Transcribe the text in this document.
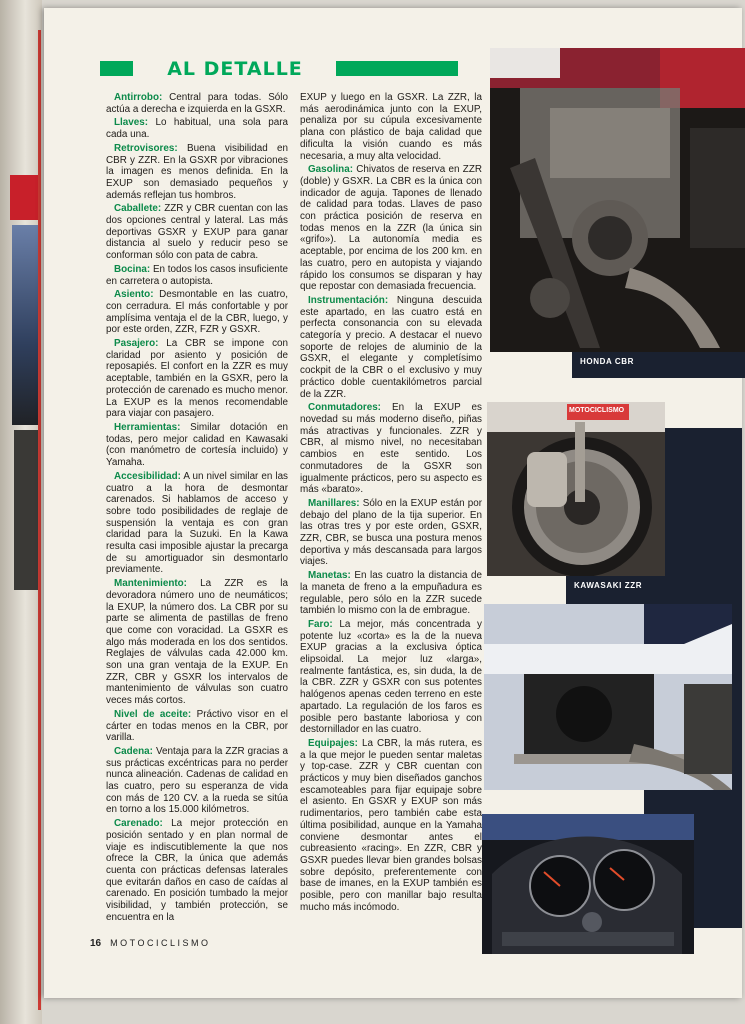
AL DETALLE

Antirrobo: Central para todas. Sólo actúa a derecha e izquierda en la GSXR.

Llaves: Lo habitual, una sola para cada una.

Retrovisores: Buena visibilidad en CBR y ZZR. En la GSXR por vibraciones la imagen es menos definida. En la EXUP son demasiado pequeños y además reflejan tus hombros.

Caballete: ZZR y CBR cuentan con las dos opciones central y lateral. Las más deportivas GSXR y EXUP para ganar distancia al suelo y reducir peso se conforman sólo con pata de cabra.

Bocina: En todos los casos insuficiente en carretera o autopista.

Asiento: Desmontable en las cuatro, con cerradura. El más confortable y por amplísima ventaja el de la CBR, luego, y por este orden, ZZR, FZR y GSXR.

Pasajero: La CBR se impone con claridad por asiento y posición de reposapiés. El confort en la ZZR es muy aceptable, también en la GSXR, pero la protección de carenado es mucho menor. La EXUP es la menos recomendable para viajar con pasajero.

Herramientas: Similar dotación en todas, pero mejor calidad en Kawasaki (con manómetro de cortesía incluido) y Yamaha.

Accesibilidad: A un nivel similar en las cuatro a la hora de desmontar carenados. Si hablamos de acceso y sobre todo posibilidades de reglaje de suspensión la ventaja es con gran claridad para la Suzuki. En la Kawa resulta casi imposible ajustar la precarga de su amortiguador sin desmontarlo previamente.

Mantenimiento: La ZZR es la devoradora número uno de neumáticos; la EXUP, la número dos. La CBR por su parte se alimenta de pastillas de freno que come con voracidad. La GSXR es algo más moderada en los dos sentidos. Reglajes de válvulas cada 42.000 km. son una gran ventaja de la EXUP. En ZZR, CBR y GSXR los intervalos de mantenimiento de válvulas son cuatro veces más cortos.

Nivel de aceite: Práctivo visor en el cárter en todas menos en la CBR, por varilla.

Cadena: Ventaja para la ZZR gracias a sus prácticas excéntricas para no perder nunca alineación. Cadenas de calidad en las cuatro, pero su esperanza de vida con más de 120 CV. a la rueda se sitúa en torno a los 15.000 kilómetros.

Carenado: La mejor protección en posición sentado y en plan normal de viaje es indiscutiblemente la que nos ofrece la CBR, la única que además cuenta con prácticas defensas laterales que evitarán daños en caso de caídas al carenado. En posición tumbado la mejor visibilidad, y también protección, se encuentra en la

EXUP y luego en la GSXR. La ZZR, la más aerodinámica junto con la EXUP, penaliza por su cúpula excesivamente plana con plástico de baja calidad que dificulta la visión cuando es más necesaria, a muy alta velocidad.

Gasolina: Chivatos de reserva en ZZR (doble) y GSXR. La CBR es la única con indicador de aguja. Tapones de llenado de calidad para todas. Llaves de paso con práctica posición de reserva en todas menos en la ZZR (la única sin «grifo»). La autonomía media es aceptable, por encima de los 200 km. en las cuatro, pero en autopista y viajando rápido los consumos se disparan y hay que repostar con demasiada frecuencia.

Instrumentación: Ninguna descuida este apartado, en las cuatro está en perfecta consonancia con su elevada categoría y precio. A destacar el nuevo soporte de relojes de aluminio de la GSXR, el elegante y completísimo cockpit de la CBR o el exclusivo y muy práctico doble cuentakilómetros parcial de la ZZR.

Conmutadores: En la EXUP es novedad su más moderno diseño, piñas más atractivas y funcionales. ZZR y CBR, al mismo nivel, no necesitaban cambios en este sentido. Los conmutadores de la GSXR son igualmente prácticos, pero su aspecto es más «barato».

Manillares: Sólo en la EXUP están por debajo del plano de la tija superior. En las otras tres y por este orden, GSXR, ZZR, CBR, se busca una postura menos deportiva y más descansada para largos viajes.

Manetas: En las cuatro la distancia de la maneta de freno a la empuñadura es regulable, pero sólo en la ZZR sucede también lo mismo con la de embrague.

Faro: La mejor, más concentrada y potente luz «corta» es la de la nueva EXUP gracias a la exclusiva óptica elipsoidal. La mejor luz «larga», realmente fantástica, es, sin duda, la de la CBR. ZZR y GSXR con sus potentes halógenos apenas ceden terreno en este apartado. La regulación de los faros es posible pero bastante laboriosa y con destornillador en las cuatro.

Equipajes: La CBR, la más rutera, es a la que mejor le pueden sentar maletas y top-case. ZZR y CBR cuentan con prácticos y muy bien diseñados ganchos escamoteables para fijar equipaje sobre el asiento. En GSXR y EXUP son más rudimentarios, pero también cabe esta última posibilidad, aunque en la Yamaha conviene desmontar antes el cubreasiento «racing». En ZZR, CBR y GSXR puedes llevar bien grandes bolsas sobre depósito, preferentemente con base de imanes, en la EXUP también es posible, pero con manillar bajo resulta mucho más incómodo.

HONDA CBR
MOTOCICLISMO
KAWASAKI ZZR
16 MOTOCICLISMO
